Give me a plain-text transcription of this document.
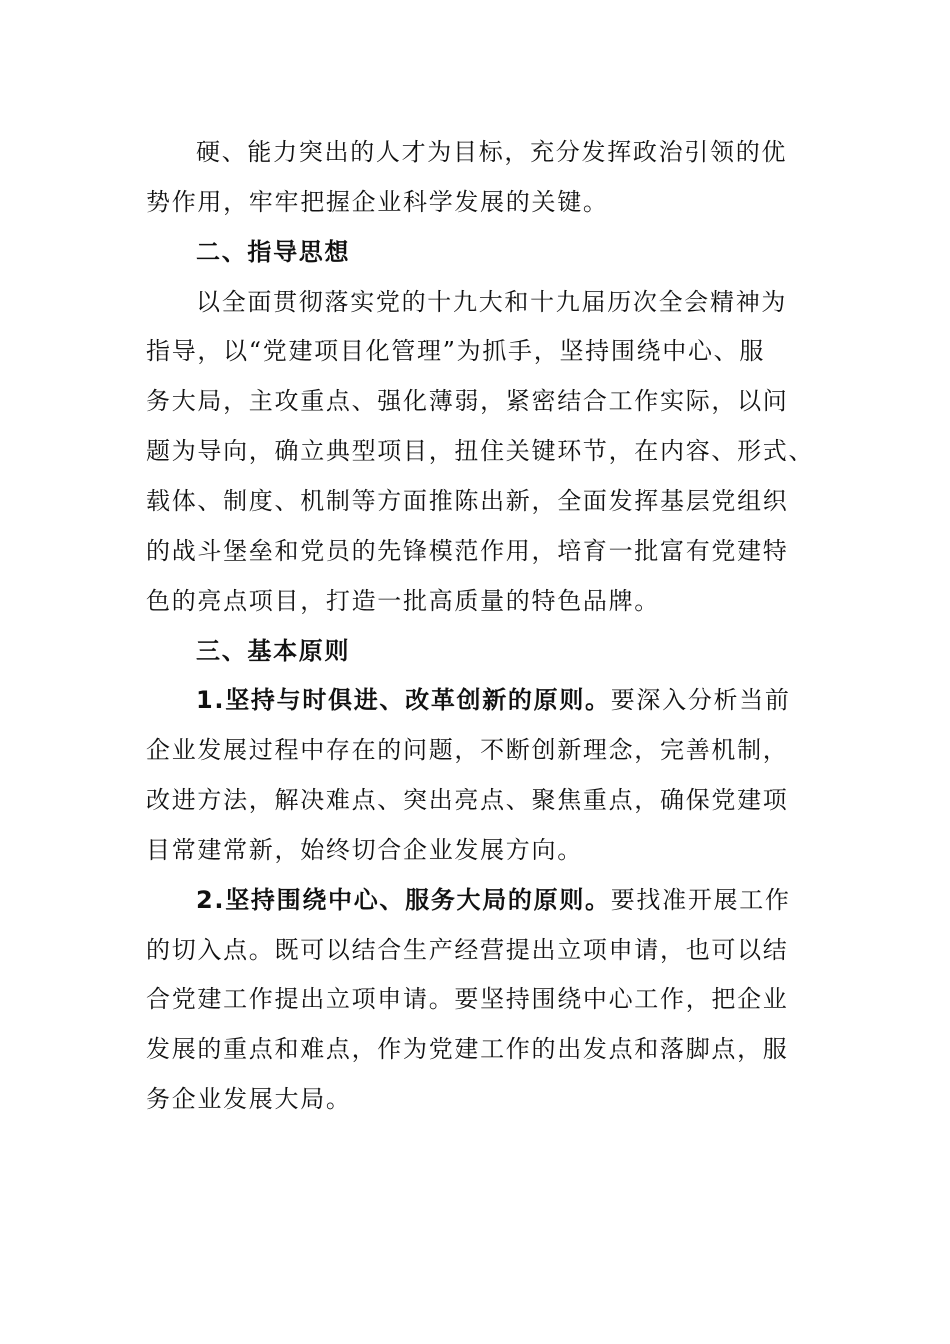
硬、能力突出的人才为目标，充分发挥政治引领的优
势作用，牢牢把握企业科学发展的关键。
二、指导思想
以全面贯彻落实党的十九大和十九届历次全会精神为
指导，以“党建项目化管理”为抓手，坚持围绕中心、服
务大局，主攻重点、强化薄弱，紧密结合工作实际，以问
题为导向，确立典型项目，扭住关键环节，在内容、形式、
载体、制度、机制等方面推陈出新，全面发挥基层党组织
的战斗堡垒和党员的先锋模范作用，培育一批富有党建特
色的亮点项目，打造一批高质量的特色品牌。
三、基本原则
1.坚持与时俱进、改革创新的原则。要深入分析当前
企业发展过程中存在的问题，不断创新理念，完善机制，
改进方法，解决难点、突出亮点、聚焦重点，确保党建项
目常建常新，始终切合企业发展方向。
2.坚持围绕中心、服务大局的原则。要找准开展工作
的切入点。既可以结合生产经营提出立项申请，也可以结
合党建工作提出立项申请。要坚持围绕中心工作，把企业
发展的重点和难点，作为党建工作的出发点和落脚点，服
务企业发展大局。
